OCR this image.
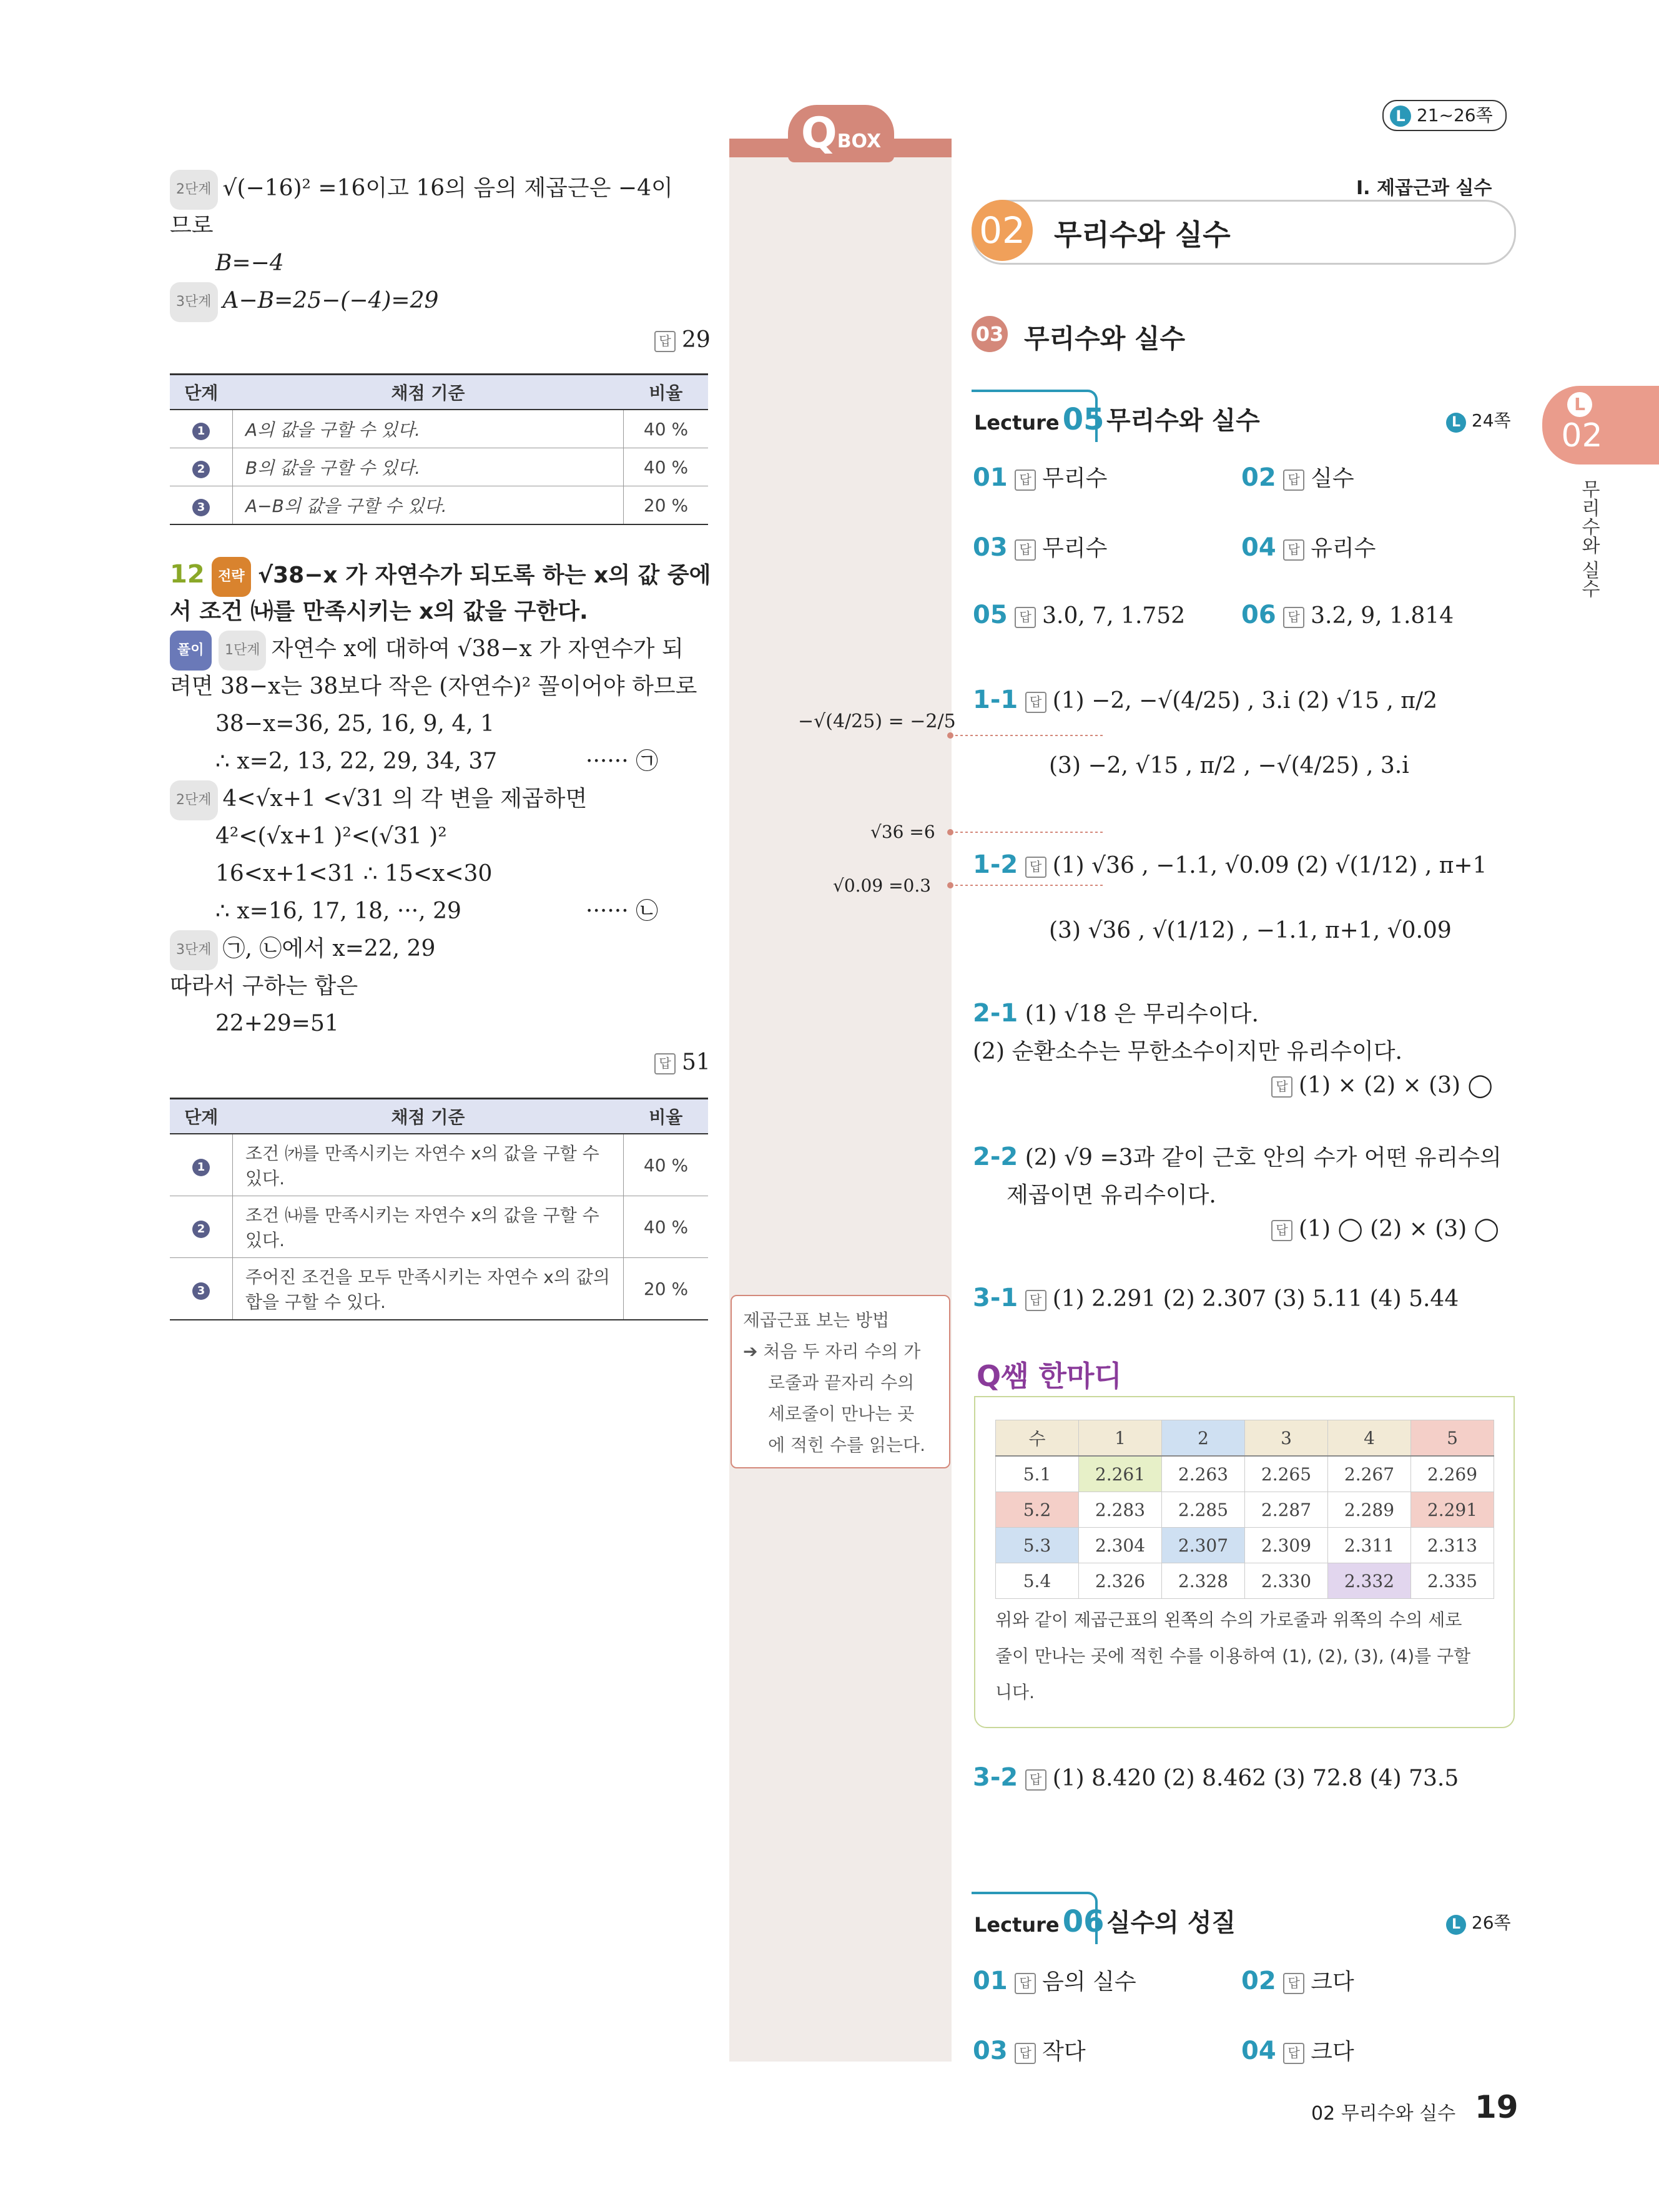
2단계 √(−16)² =16이고 16의 음의 제곱근은 −4이
므로
B=−4
3단계 A−B=25−(−4)=29
답 29
단계	채점 기준	비율
1	A의 값을 구할 수 있다.	40 %
2	B의 값을 구할 수 있다.	40 %
3	A−B의 값을 구할 수 있다.	20 %
12 전략 √38−x 가 자연수가 되도록 하는 x의 값 중에
서 조건 ㈏를 만족시키는 x의 값을 구한다.
풀이 1단계 자연수 x에 대하여 √38−x 가 자연수가 되
려면 38−x는 38보다 작은 (자연수)² 꼴이어야 하므로
38−x=36, 25, 16, 9, 4, 1
∴ x=2, 13, 22, 29, 34, 37	······ ㉠
2단계 4<√x+1 <√31 의 각 변을 제곱하면
4²<(√x+1 )²<(√31 )²
16<x+1<31 ∴ 15<x<30
∴ x=16, 17, 18, ···, 29	······ ㉡
3단계 ㉠, ㉡에서 x=22, 29
따라서 구하는 합은
22+29=51
답 51
단계	채점 기준	비율
1	조건 ㈎를 만족시키는 자연수 x의 값을 구할 수 있다.	40 %
2	조건 ㈏를 만족시키는 자연수 x의 값을 구할 수 있다.	40 %
3	주어진 조건을 모두 만족시키는 자연수 x의 값의 합을 구할 수 있다.	20 %
QBOX
−√(4/25) = −2/5
√36 =6
√0.09 =0.3
제곱근표 보는 방법
➔ 처음 두 자리 수의 가
로줄과 끝자리 수의
세로줄이 만나는 곳
에 적힌 수를 읽는다.
L 21~26쪽
I. 제곱근과 실수
02 무리수와 실수
03 무리수와 실수
L
02
무리수와 실수
Lecture 05 무리수와 실수	L 24쪽
01 답 무리수	02 답 실수
03 답 무리수	04 답 유리수
05 답 3.0, 7, 1.752 06 답 3.2, 9, 1.814
1-1 답 (1) −2, −√(4/25) , 3.i̇ (2) √15 , π/2
(3) −2, √15 , π/2 , −√(4/25) , 3.i̇
1-2 답 (1) √36 , −1.1, √0.09 (2) √(1/12) , π+1
(3) √36 , √(1/12) , −1.1, π+1, √0.09
2-1 (1) √18 은 무리수이다.
(2) 순환소수는 무한소수이지만 유리수이다.
답 (1) × (2) × (3) ◯
2-2 (2) √9 =3과 같이 근호 안의 수가 어떤 유리수의
제곱이면 유리수이다.
답 (1) ◯ (2) × (3) ◯
3-1 답 (1) 2.291 (2) 2.307 (3) 5.11 (4) 5.44
Q쌤 한마디
수	1	2	3	4	5
5.1	2.261	2.263	2.265	2.267	2.269
5.2	2.283	2.285	2.287	2.289	2.291
5.3	2.304	2.307	2.309	2.311	2.313
5.4	2.326	2.328	2.330	2.332	2.335
위와 같이 제곱근표의 왼쪽의 수의 가로줄과 위쪽의 수의 세로
줄이 만나는 곳에 적힌 수를 이용하여 (1), (2), (3), (4)를 구할
니다.
3-2 답 (1) 8.420 (2) 8.462 (3) 72.8 (4) 73.5
Lecture 06 실수의 성질	L 26쪽
01 답 음의 실수	02 답 크다
03 답 작다	04 답 크다
02 무리수와 실수 19
